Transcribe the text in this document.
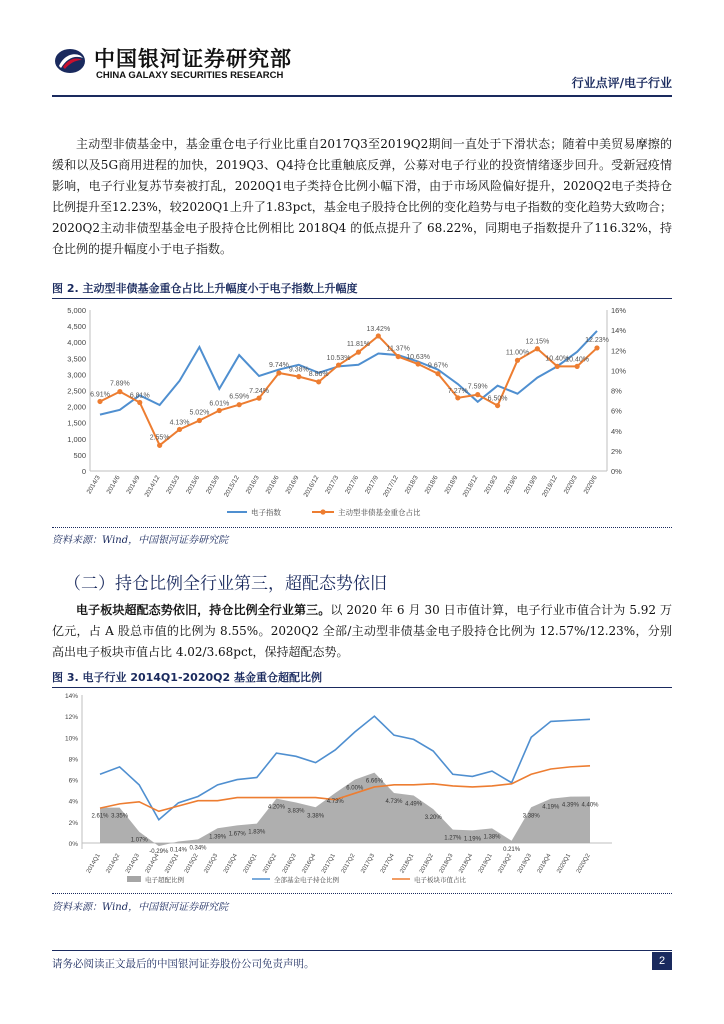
中国银河证券研究部
CHINA GALAXY SECURITIES RESEARCH
行业点评/电子行业
主动型非债基金中，基金重仓电子行业比重自2017Q3至2019Q2期间一直处于下滑状态；随着中美贸易摩擦的缓和以及5G商用进程的加快，2019Q3、Q4持仓比重触底反弹，公募对电子行业的投资情绪逐步回升。受新冠疫情影响，电子行业复苏节奏被打乱，2020Q1电子类持仓比例小幅下滑，由于市场风险偏好提升，2020Q2电子类持仓比例提升至12.23%，较2020Q1上升了1.83pct，基金电子股持仓比例的变化趋势与电子指数的变化趋势大致吻合；2020Q2主动非债型基金电子股持仓比例相比 2018Q4 的低点提升了 68.22%，同期电子指数提升了116.32%，持仓比例的提升幅度小于电子指数。
图 2. 主动型非债基金重仓占比上升幅度小于电子指数上升幅度
0
500
1,000
1,500
2,000
2,500
3,000
3,500
4,000
4,500
5,000
0%
2%
4%
6%
8%
10%
12%
14%
16%
2014/3 2014/6 2014/9 2014/12 2015/3 2015/6 2015/9 2015/12 2016/3 2016/6 2016/9 2016/12 2017/3 2017/6 2017/9 2017/12 2018/3 2018/6 2018/9 2018/12 2019/3 2019/6 2019/9 2019/12 2020/3 2020/6
6.91%
7.89%
6.81%
2.55%
4.13%
5.02%
6.01%
6.59%
7.24%
9.74%
9.38%
8.86%
10.53%
11.81%
13.42%
11.37%
10.63%
9.67%
7.27%
7.59%
6.50%
11.00%
12.15%
10.40%
10.40%
12.23%
电子指数	主动型非债基金重仓占比
资料来源：Wind，中国银河证券研究院
（二）持仓比例全行业第三，超配态势依旧
电子板块超配态势依旧，持仓比例全行业第三。以 2020 年 6 月 30 日市值计算，电子行业市值合计为 5.92 万亿元，占 A 股总市值的比例为 8.55%。2020Q2 全部/主动型非债基金电子股持仓比例为 12.57%/12.23%，分别高出电子板块市值占比 4.02/3.68pct，保持超配态势。
图 3. 电子行业 2014Q1-2020Q2 基金重仓超配比例
0%
2%
4%
6%
8%
10%
12%
14%
2.61% 3.35%
1.07%
-0.29% 0.14% 0.34%
1.39% 1.67% 1.83%
4.20%
3.83%
3.38%
4.73%
6.00%
6.66%
4.73% 4.49%
3.20%
1.27% 1.19% 1.38%
0.21%
3.38%
4.19% 4.39% 4.40%
2014Q1 2014Q2 2014Q3 2014Q4 2015Q1 2015Q2 2015Q3 2015Q4 2016Q1 2016Q2 2016Q3 2016Q4 2017Q1 2017Q2 2017Q3 2017Q4 2018Q1 2018Q2 2018Q3 2018Q4 2019Q1 2019Q2 2019Q3 2019Q4 2020Q1 2020Q2
电子超配比例	全部基金电子持仓比例	电子板块市值占比
资料来源：Wind，中国银河证券研究院
请务必阅读正文最后的中国银河证券股份公司免责声明。	2
